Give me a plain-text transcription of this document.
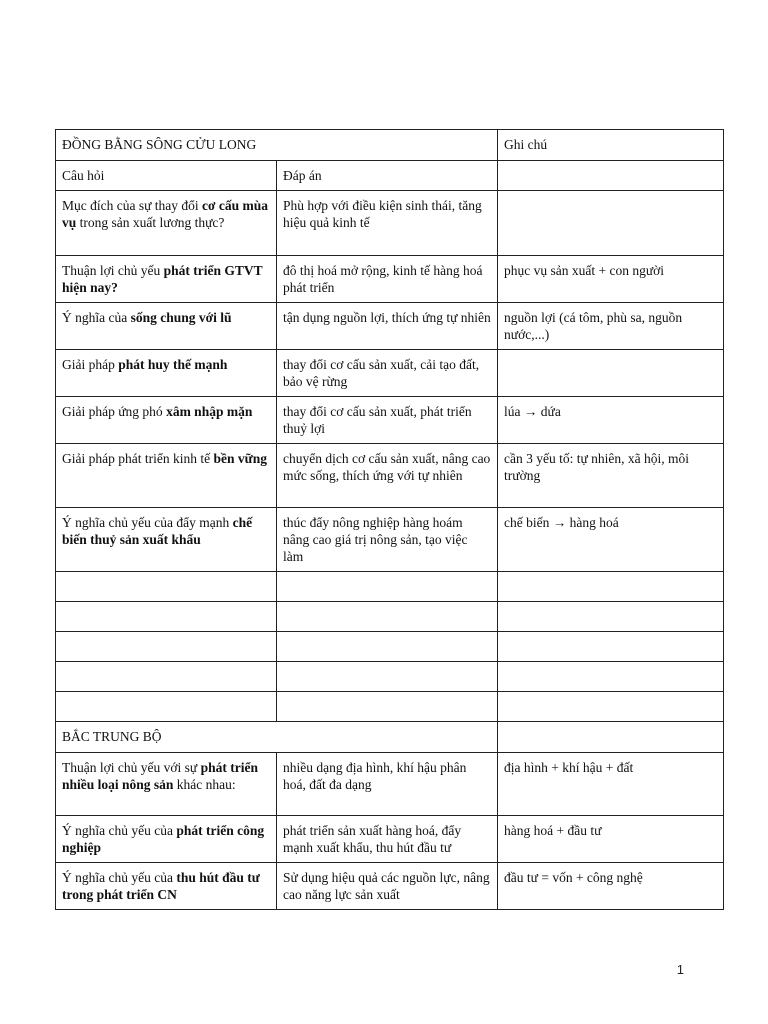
ĐỒNG BẰNG SÔNG CỬU LONG		Ghi chú
Câu hỏi	Đáp án	
Mục đích của sự thay đổi cơ cấu mùa vụ trong sản xuất lương thực?	Phù hợp với điều kiện sinh thái, tăng hiệu quả kinh tế	
Thuận lợi chủ yếu phát triển GTVT hiện nay?	đô thị hoá mở rộng, kinh tế hàng hoá phát triển	phục vụ sản xuất + con người
Ý nghĩa của sống chung với lũ	tận dụng nguồn lợi, thích ứng tự nhiên	nguồn lợi (cá tôm, phù sa, nguồn nước,...)
Giải pháp phát huy thế mạnh	thay đổi cơ cấu sản xuất, cải tạo đất, bảo vệ rừng	
Giải pháp ứng phó xâm nhập mặn	thay đổi cơ cấu sản xuất, phát triển thuỷ lợi	lúa → dứa
Giải pháp phát triển kinh tế bền vững	chuyển dịch cơ cấu sản xuất, nâng cao mức sống, thích ứng với tự nhiên	cần 3 yếu tố: tự nhiên, xã hội, môi trường
Ý nghĩa chủ yếu của đẩy mạnh chế biến thuỷ sản xuất khẩu	thúc đẩy nông nghiệp hàng hoám nâng cao giá trị nông sản, tạo việc làm	chế biến → hàng hoá

BẮC TRUNG BỘ		
Thuận lợi chủ yếu với sự phát triển nhiều loại nông sản khác nhau:	nhiều dạng địa hình, khí hậu phân hoá, đất đa dạng	địa hình + khí hậu + đất
Ý nghĩa chủ yếu của phát triển công nghiệp	phát triển sản xuất hàng hoá, đẩy mạnh xuất khẩu, thu hút đầu tư	hàng hoá + đầu tư
Ý nghĩa chủ yếu của thu hút đầu tư trong phát triển CN	Sử dụng hiệu quả các nguồn lực, nâng cao năng lực sản xuất	đầu tư = vốn + công nghệ
1
